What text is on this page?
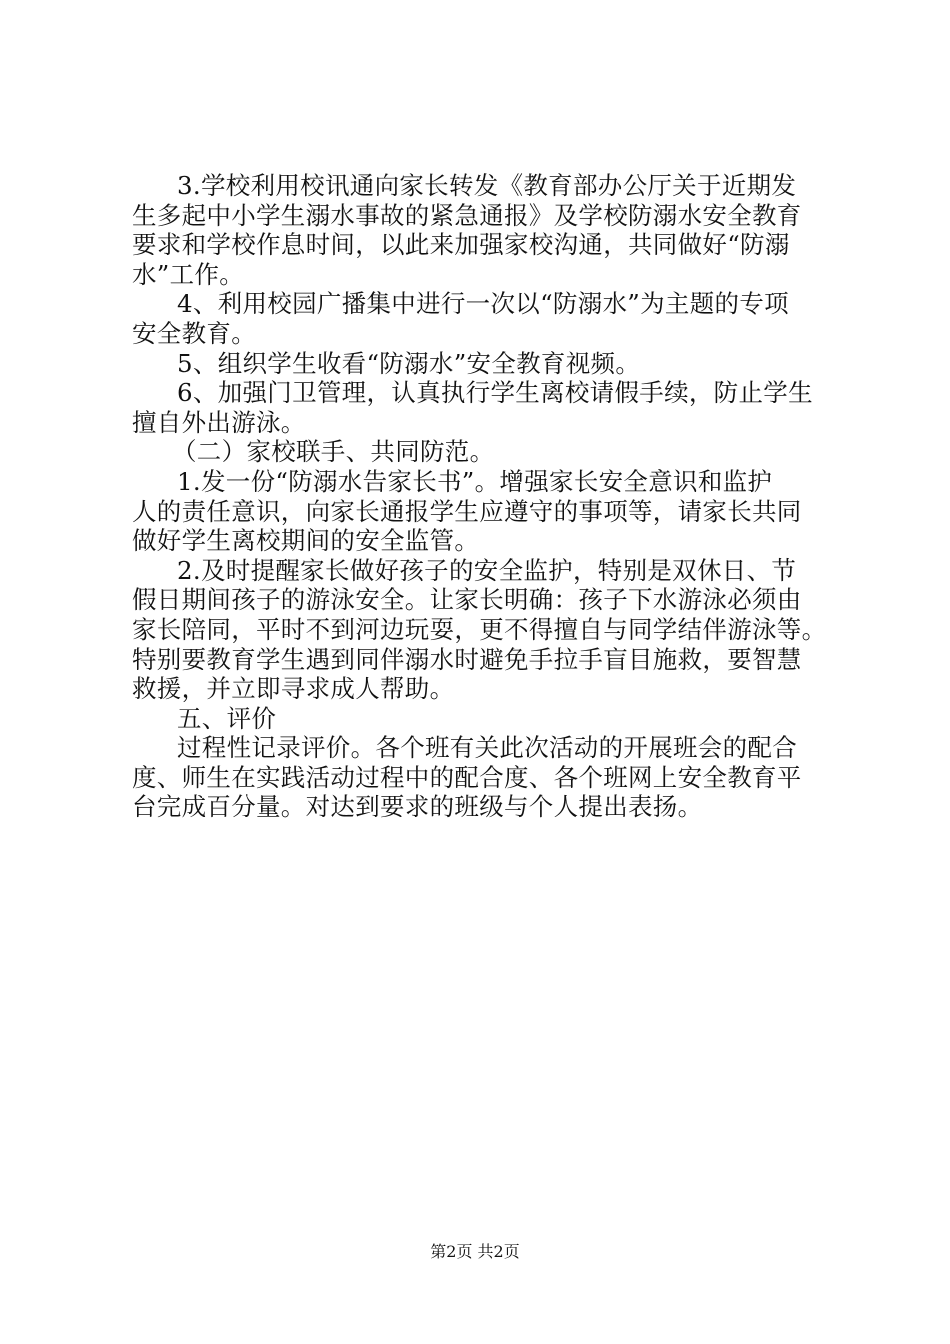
3.学校利用校讯通向家长转发《教育部办公厅关于近期发
生多起中小学生溺水事故的紧急通报》及学校防溺水安全教育
要求和学校作息时间，以此来加强家校沟通，共同做好“防溺
水”工作。
4、利用校园广播集中进行一次以“防溺水”为主题的专项
安全教育。
5、组织学生收看“防溺水”安全教育视频。
6、加强门卫管理，认真执行学生离校请假手续，防止学生
擅自外出游泳。
（二）家校联手、共同防范。
1.发一份“防溺水告家长书”。增强家长安全意识和监护
人的责任意识，向家长通报学生应遵守的事项等，请家长共同
做好学生离校期间的安全监管。
2.及时提醒家长做好孩子的安全监护，特别是双休日、节
假日期间孩子的游泳安全。让家长明确：孩子下水游泳必须由
家长陪同，平时不到河边玩耍，更不得擅自与同学结伴游泳等。
特别要教育学生遇到同伴溺水时避免手拉手盲目施救，要智慧
救援，并立即寻求成人帮助。
五、评价
过程性记录评价。各个班有关此次活动的开展班会的配合
度、师生在实践活动过程中的配合度、各个班网上安全教育平
台完成百分量。对达到要求的班级与个人提出表扬。
第2页 共2页
